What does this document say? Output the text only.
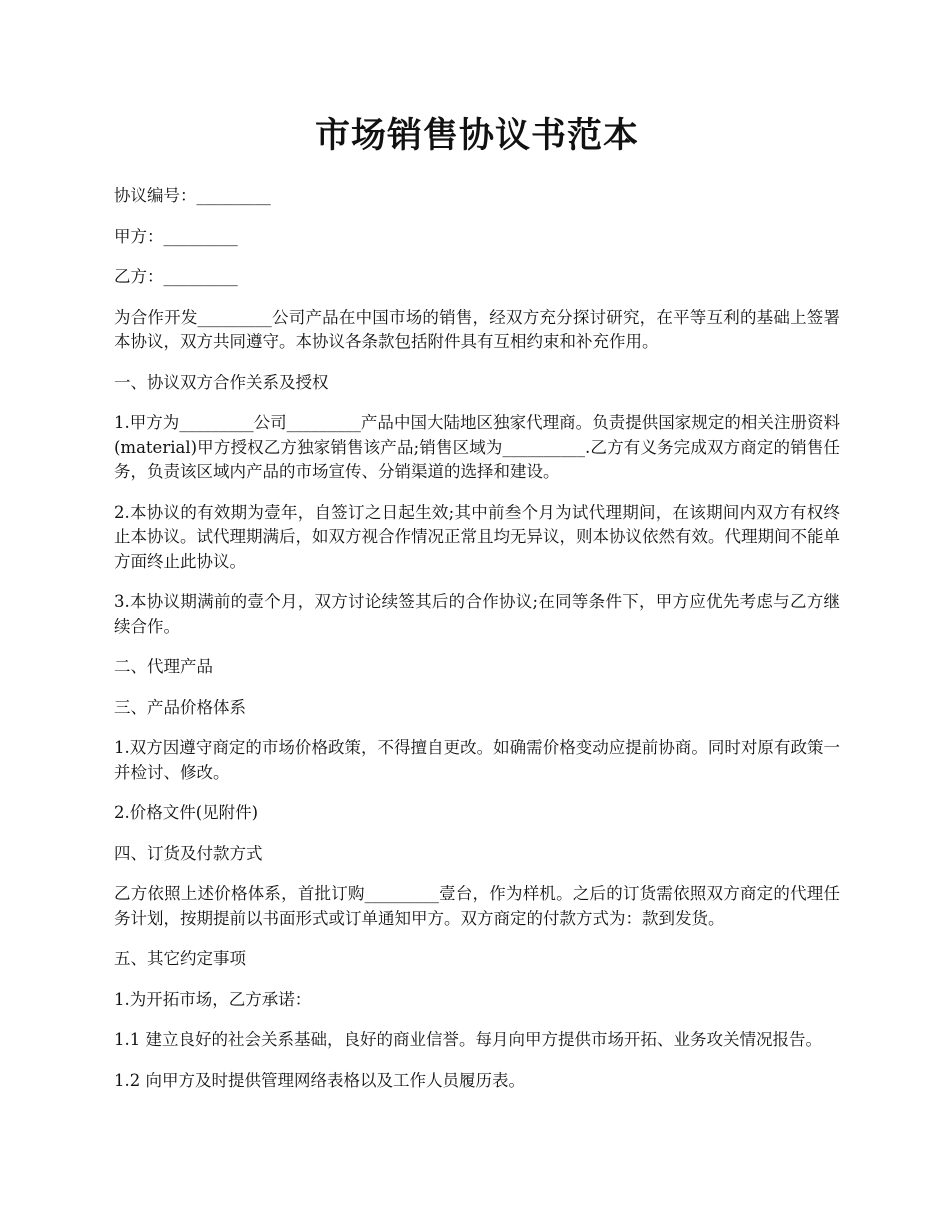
市场销售协议书范本

协议编号：_________

甲方：_________

乙方：_________

为合作开发_________公司产品在中国市场的销售，经双方充分探讨研究，在平等互利的基础上签署本协议，双方共同遵守。本协议各条款包括附件具有互相约束和补充作用。

一、协议双方合作关系及授权

1.甲方为_________公司_________产品中国大陆地区独家代理商。负责提供国家规定的相关注册资料(material)甲方授权乙方独家销售该产品;销售区域为__________.乙方有义务完成双方商定的销售任务，负责该区域内产品的市场宣传、分销渠道的选择和建设。

2.本协议的有效期为壹年，自签订之日起生效;其中前叁个月为试代理期间，在该期间内双方有权终止本协议。试代理期满后，如双方视合作情况正常且均无异议，则本协议依然有效。代理期间不能单方面终止此协议。

3.本协议期满前的壹个月，双方讨论续签其后的合作协议;在同等条件下，甲方应优先考虑与乙方继续合作。

二、代理产品

三、产品价格体系

1.双方因遵守商定的市场价格政策，不得擅自更改。如确需价格变动应提前协商。同时对原有政策一并检讨、修改。

2.价格文件(见附件)

四、订货及付款方式

乙方依照上述价格体系，首批订购_________壹台，作为样机。之后的订货需依照双方商定的代理任务计划，按期提前以书面形式或订单通知甲方。双方商定的付款方式为：款到发货。

五、其它约定事项

1.为开拓市场，乙方承诺：

1.1 建立良好的社会关系基础，良好的商业信誉。每月向甲方提供市场开拓、业务攻关情况报告。

1.2 向甲方及时提供管理网络表格以及工作人员履历表。
